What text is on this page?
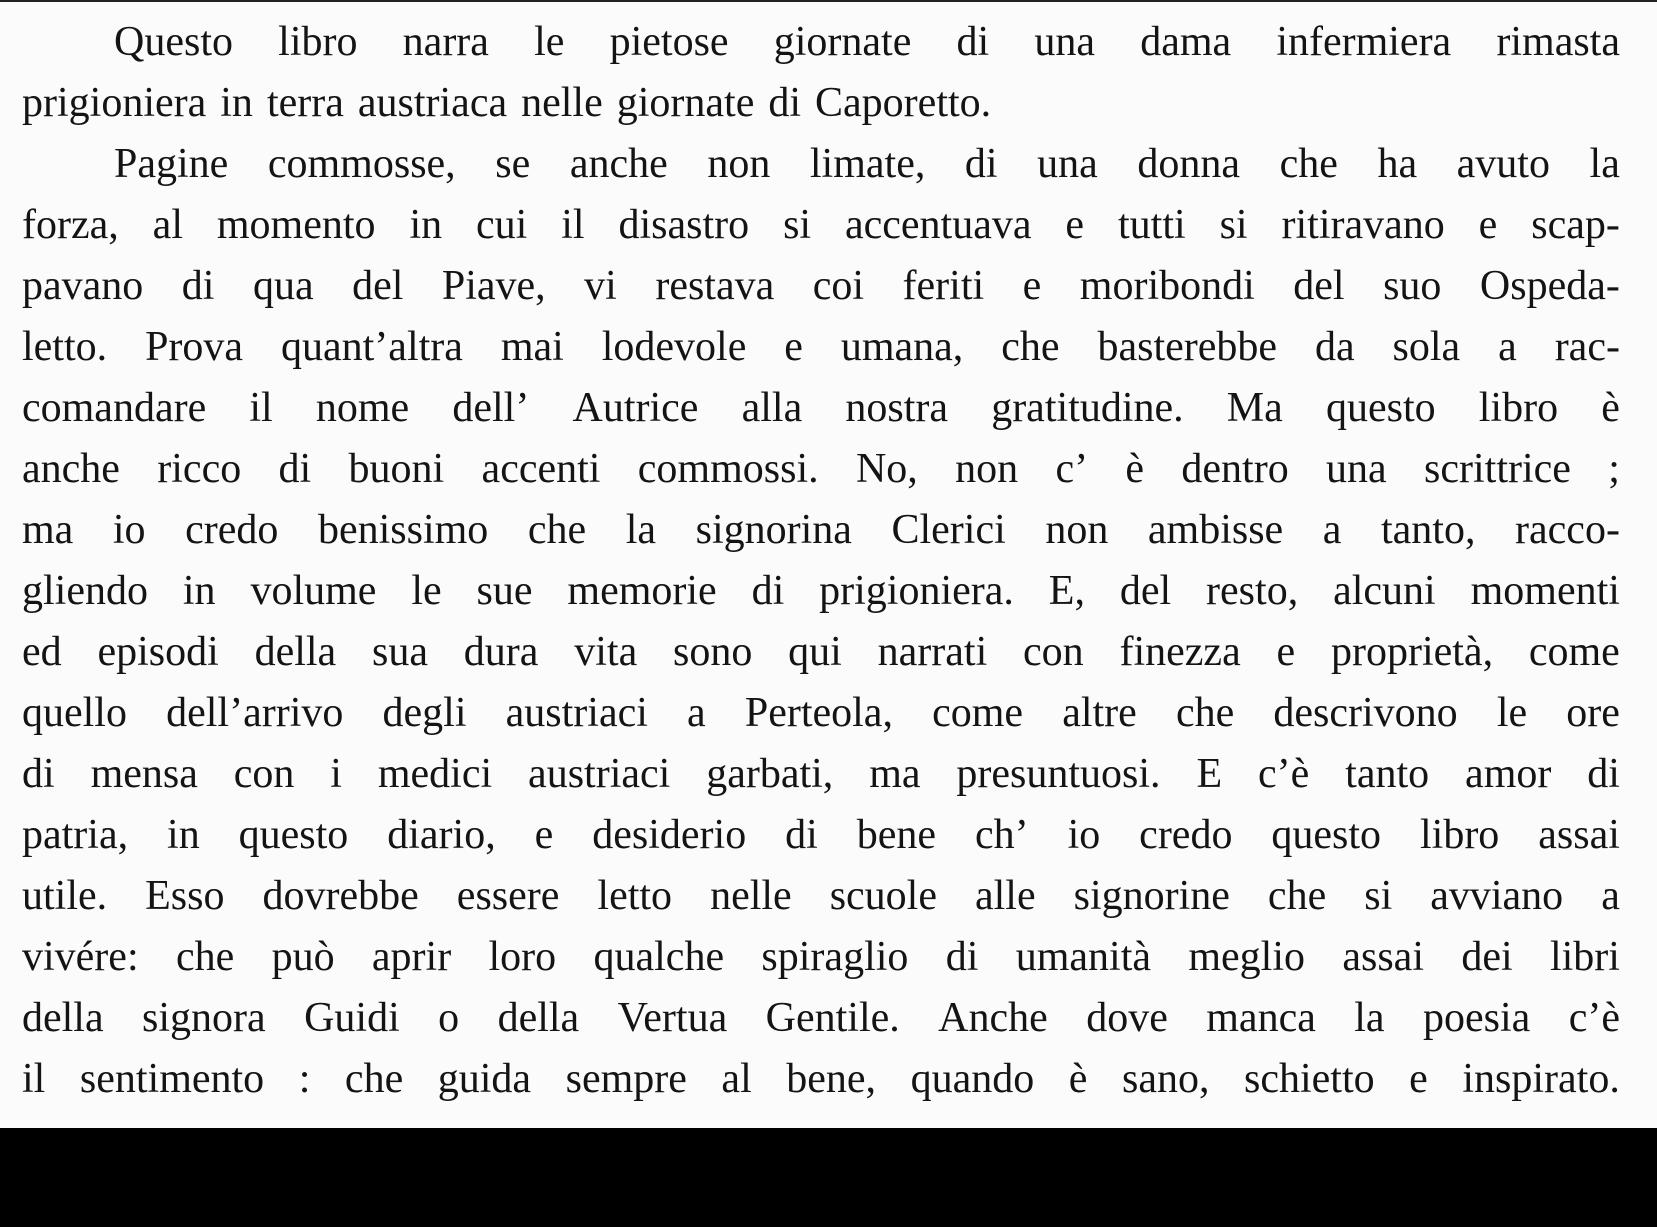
Questo libro narra le pietose giornate di una dama infermiera rimasta
prigioniera in terra austriaca nelle giornate di Caporetto.
Pagine commosse, se anche non limate, di una donna che ha avuto la
forza, al momento in cui il disastro si accentuava e tutti si ritiravano e scap-
pavano di qua del Piave, vi restava coi feriti e moribondi del suo Ospeda-
letto. Prova quant’altra mai lodevole e umana, che basterebbe da sola a rac-
comandare il nome dell’ Autrice alla nostra gratitudine. Ma questo libro è
anche ricco di buoni accenti commossi. No, non c’ è dentro una scrittrice ;
ma io credo benissimo che la signorina Clerici non ambisse a tanto, racco-
gliendo in volume le sue memorie di prigioniera. E, del resto, alcuni momenti
ed episodi della sua dura vita sono qui narrati con finezza e proprietà, come
quello dell’arrivo degli austriaci a Perteola, come altre che descrivono le ore
di mensa con i medici austriaci garbati, ma presuntuosi. E c’è tanto amor di
patria, in questo diario, e desiderio di bene ch’ io credo questo libro assai
utile. Esso dovrebbe essere letto nelle scuole alle signorine che si avviano a
vivére: che può aprir loro qualche spiraglio di umanità meglio assai dei libri
della signora Guidi o della Vertua Gentile. Anche dove manca la poesia c’è
il sentimento : che guida sempre al bene, quando è sano, schietto e inspirato.
